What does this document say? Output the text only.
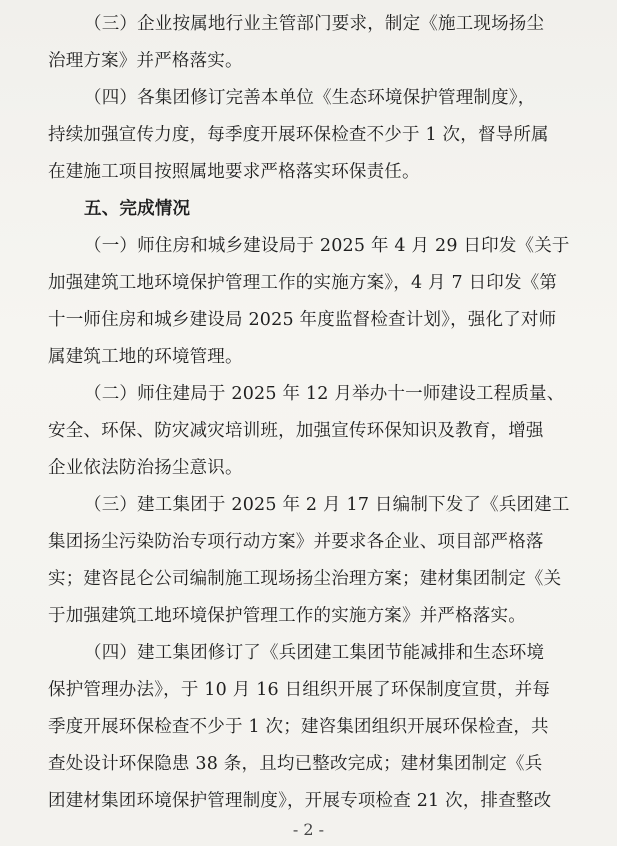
（三）企业按属地行业主管部门要求，制定《施工现场扬尘
治理方案》并严格落实。
（四）各集团修订完善本单位《生态环境保护管理制度》，
持续加强宣传力度，每季度开展环保检查不少于 1 次，督导所属
在建施工项目按照属地要求严格落实环保责任。
五、完成情况
（一）师住房和城乡建设局于 2025 年 4 月 29 日印发《关于
加强建筑工地环境保护管理工作的实施方案》，4 月 7 日印发《第
十一师住房和城乡建设局 2025 年度监督检查计划》，强化了对师
属建筑工地的环境管理。
（二）师住建局于 2025 年 12 月举办十一师建设工程质量、
安全、环保、防灾减灾培训班，加强宣传环保知识及教育，增强
企业依法防治扬尘意识。
（三）建工集团于 2025 年 2 月 17 日编制下发了《兵团建工
集团扬尘污染防治专项行动方案》并要求各企业、项目部严格落
实；建咨昆仑公司编制施工现场扬尘治理方案；建材集团制定《关
于加强建筑工地环境保护管理工作的实施方案》并严格落实。
（四）建工集团修订了《兵团建工集团节能减排和生态环境
保护管理办法》，于 10 月 16 日组织开展了环保制度宣贯，并每
季度开展环保检查不少于 1 次；建咨集团组织开展环保检查，共
查处设计环保隐患 38 条，且均已整改完成；建材集团制定《兵
团建材集团环境保护管理制度》，开展专项检查 21 次，排查整改
- 2 -
